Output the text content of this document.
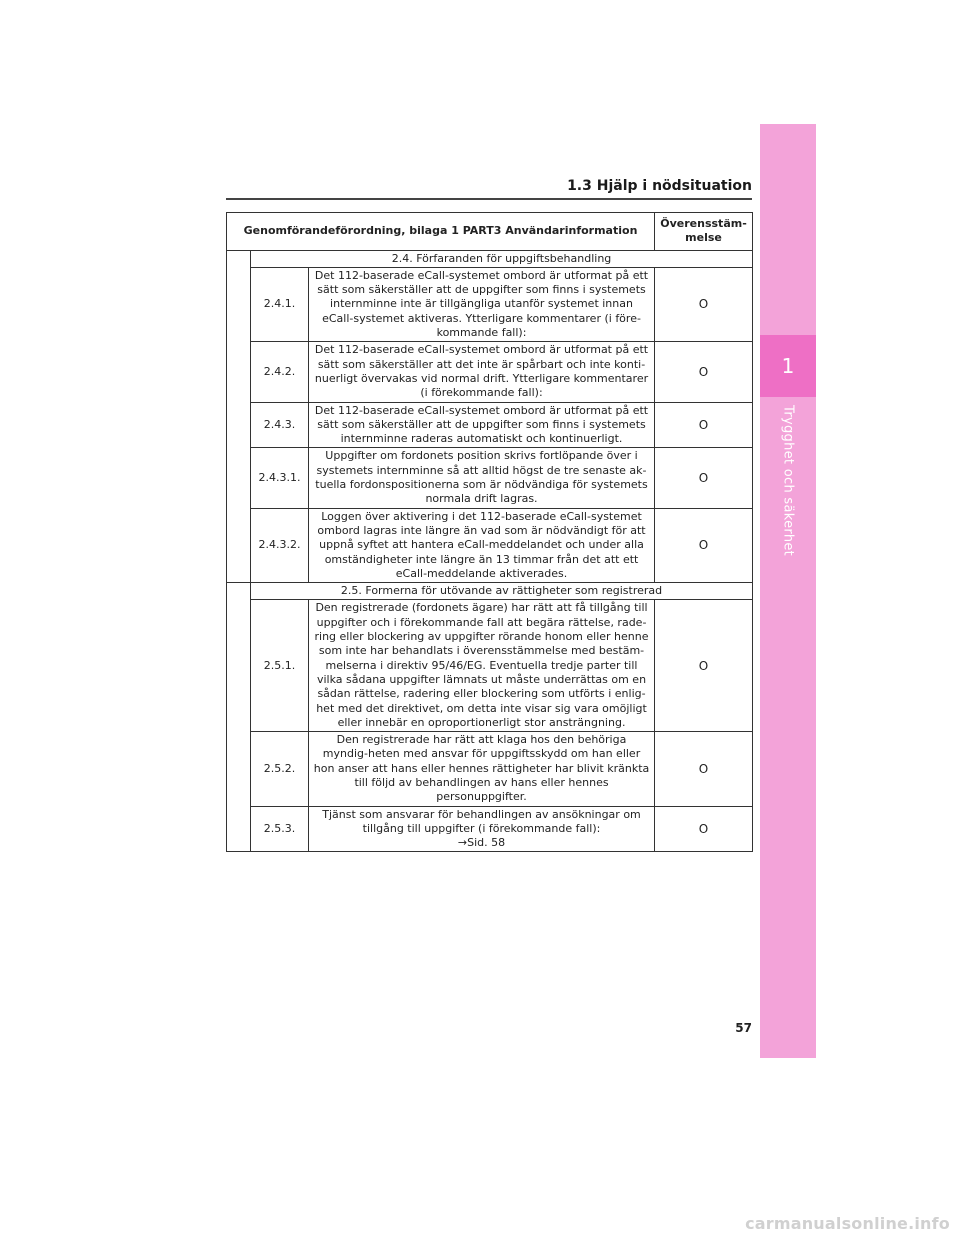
1
Trygghet och säkerhet
1.3 Hjälp i nödsituation
Genomförandeförordning, bilaga 1 PART3 Användarinformation			Överensstäm-
melse
	2.4. Förfaranden för uppgiftsbehandling		
	2.4.1.	Det 112-baserade eCall-systemet ombord är utformat på ett sätt som säkerställer att de uppgifter som finns i systemets internminne inte är tillgängliga utanför systemet innan eCall-systemet aktiveras. Ytterligare kommentarer (i före-kommande fall):	O
	2.4.2.	Det 112-baserade eCall-systemet ombord är utformat på ett sätt som säkerställer att det inte är spårbart och inte konti-nuerligt övervakas vid normal drift. Ytterligare kommentarer (i förekommande fall):	O
	2.4.3.	Det 112-baserade eCall-systemet ombord är utformat på ett sätt som säkerställer att de uppgifter som finns i systemets internminne raderas automatiskt och kontinuerligt.	O
	2.4.3.1.	Uppgifter om fordonets position skrivs fortlöpande över i systemets internminne så att alltid högst de tre senaste ak-tuella fordonspositionerna som är nödvändiga för systemets normala drift lagras.	O
	2.4.3.2.	Loggen över aktivering i det 112-baserade eCall-systemet ombord lagras inte längre än vad som är nödvändigt för att uppnå syftet att hantera eCall-meddelandet och under alla omständigheter inte längre än 13 timmar från det att ett eCall-meddelande aktiverades.	O
	2.5. Formerna för utövande av rättigheter som registrerad		
	2.5.1.	Den registrerade (fordonets ägare) har rätt att få tillgång till uppgifter och i förekommande fall att begära rättelse, rade-ring eller blockering av uppgifter rörande honom eller henne som inte har behandlats i överensstämmelse med bestäm-melserna i direktiv 95/46/EG. Eventuella tredje parter till vilka sådana uppgifter lämnats ut måste underrättas om en sådan rättelse, radering eller blockering som utförts i enlig-het med det direktivet, om detta inte visar sig vara omöjligt eller innebär en oproportionerligt stor ansträngning.	O
	2.5.2.	Den registrerade har rätt att klaga hos den behöriga myndig-heten med ansvar för uppgiftsskydd om han eller hon anser att hans eller hennes rättigheter har blivit kränkta till följd av behandlingen av hans eller hennes personuppgifter.	O
	2.5.3.	Tjänst som ansvarar för behandlingen av ansökningar om tillgång till uppgifter (i förekommande fall):
→Sid. 58	O
57
carmanualsonline.info
